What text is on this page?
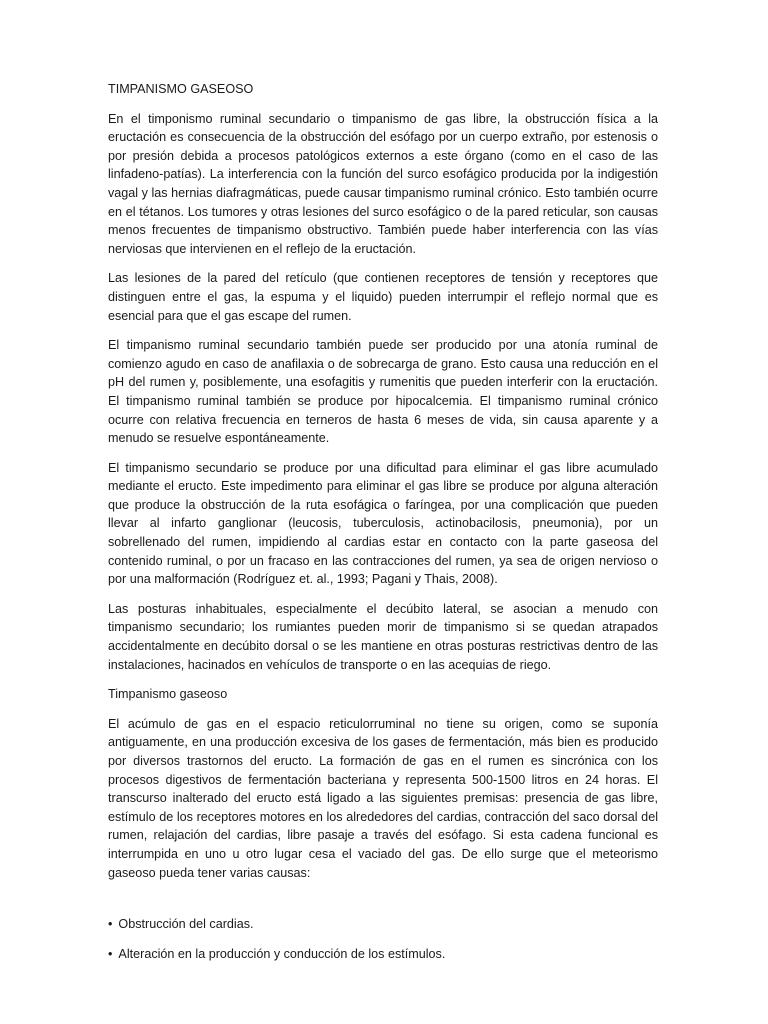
TIMPANISMO GASEOSO

En el timponismo ruminal secundario o timpanismo de gas libre, la obstrucción física a la eructación es consecuencia de la obstrucción del esófago por un cuerpo extraño, por estenosis o por presión debida a procesos patológicos externos a este órgano (como en el caso de las linfadeno-patías). La interferencia con la función del surco esofágico producida por la indigestión vagal y las hernias diafragmáticas, puede causar timpanismo ruminal crónico. Esto también ocurre en el tétanos. Los tumores y otras lesiones del surco esofágico o de la pared reticular, son causas menos frecuentes de timpanismo obstructivo. También puede haber interferencia con las vías nerviosas que intervienen en el reflejo de la eructación.

Las lesiones de la pared del retículo (que contienen receptores de tensión y receptores que distinguen entre el gas, la espuma y el liquido) pueden interrumpir el reflejo normal que es esencial para que el gas escape del rumen.

El timpanismo ruminal secundario también puede ser producido por una atonía ruminal de comienzo agudo en caso de anafilaxia o de sobrecarga de grano. Esto causa una reducción en el pH del rumen y, posiblemente, una esofagitis y rumenitis que pueden interferir con la eructación. El timpanismo ruminal también se produce por hipocalcemia. El timpanismo ruminal crónico ocurre con relativa frecuencia en terneros de hasta 6 meses de vida, sin causa aparente y a menudo se resuelve espontáneamente.

El timpanismo secundario se produce por una dificultad para eliminar el gas libre acumulado mediante el eructo. Este impedimento para eliminar el gas libre se produce por alguna alteración que produce la obstrucción de la ruta esofágica o faríngea, por una complicación que pueden llevar al infarto ganglionar (leucosis, tuberculosis, actinobacilosis, pneumonia), por un sobrellenado del rumen, impidiendo al cardias estar en contacto con la parte gaseosa del contenido ruminal, o por un fracaso en las contracciones del rumen, ya sea de origen nervioso o por una malformación (Rodríguez et. al., 1993; Pagani y Thais, 2008).

Las posturas inhabituales, especialmente el decúbito lateral, se asocian a menudo con timpanismo secundario; los rumiantes pueden morir de timpanismo si se quedan atrapados accidentalmente en decúbito dorsal o se les mantiene en otras posturas restrictivas dentro de las instalaciones, hacinados en vehículos de transporte o en las acequias de riego.

Timpanismo gaseoso

El acúmulo de gas en el espacio reticulorruminal no tiene su origen, como se suponía antiguamente, en una producción excesiva de los gases de fermentación, más bien es producido por diversos trastornos del eructo. La formación de gas en el rumen es sincrónica con los procesos digestivos de fermentación bacteriana y representa 500-1500 litros en 24 horas. El transcurso inalterado del eructo está ligado a las siguientes premisas: presencia de gas libre, estímulo de los receptores motores en los alrededores del cardias, contracción del saco dorsal del rumen, relajación del cardias, libre pasaje a través del esófago. Si esta cadena funcional es interrumpida en uno u otro lugar cesa el vaciado del gas. De ello surge que el meteorismo gaseoso pueda tener varias causas:

• Obstrucción del cardias.
• Alteración en la producción y conducción de los estímulos.
